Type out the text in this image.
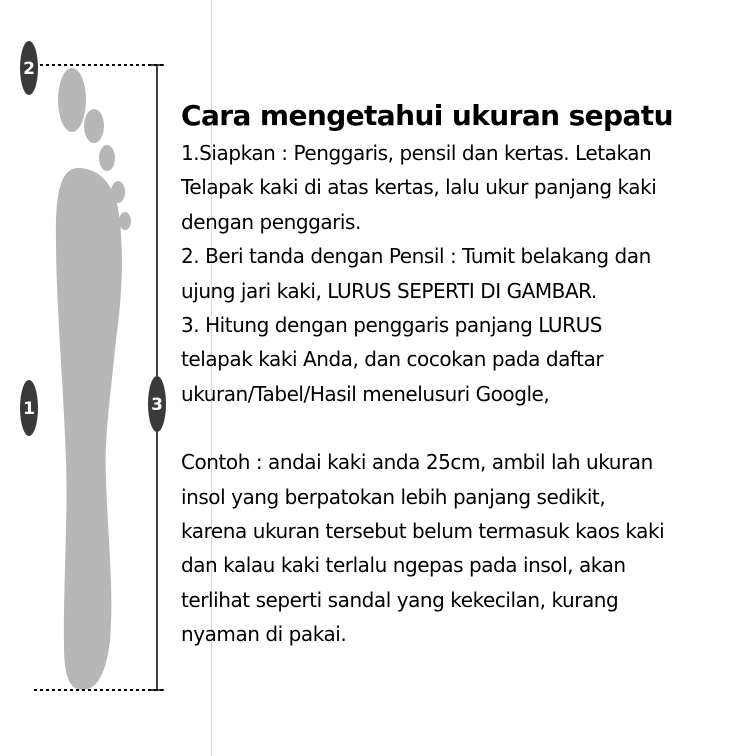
2
1	3
Cara mengetahui ukuran sepatu
1.Siapkan : Penggaris, pensil dan kertas. Letakan
Telapak kaki di atas kertas, lalu ukur panjang kaki
dengan penggaris.
2. Beri tanda dengan Pensil : Tumit belakang dan
ujung jari kaki, LURUS SEPERTI DI GAMBAR.
3. Hitung dengan penggaris panjang LURUS
telapak kaki Anda, dan cocokan pada daftar
ukuran/Tabel/Hasil menelusuri Google,
Contoh : andai kaki anda 25cm, ambil lah ukuran
insol yang berpatokan lebih panjang sedikit,
karena ukuran tersebut belum termasuk kaos kaki
dan kalau kaki terlalu ngepas pada insol, akan
terlihat seperti sandal yang kekecilan, kurang
nyaman di pakai.
